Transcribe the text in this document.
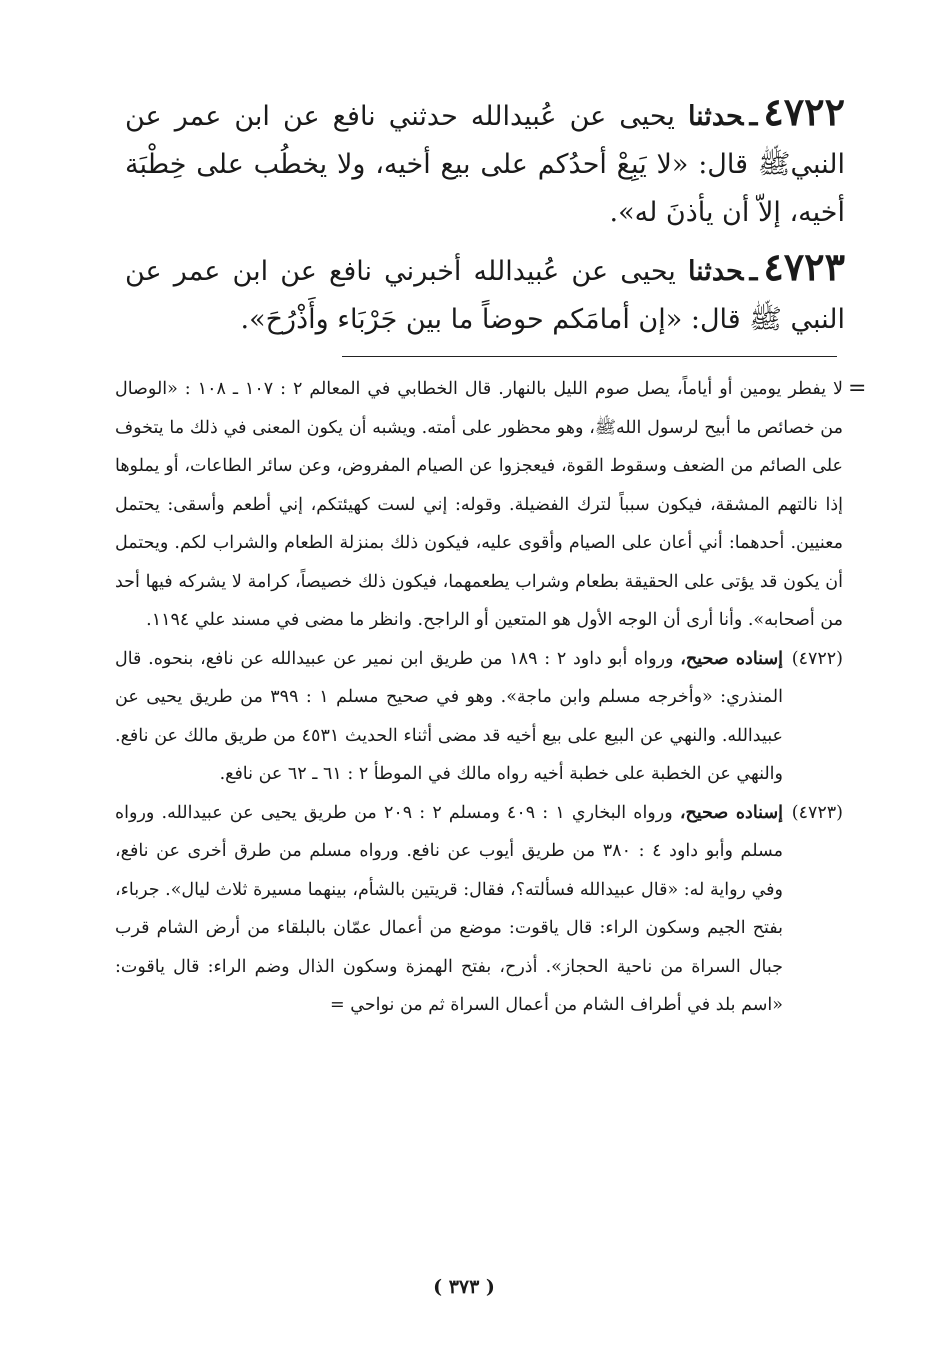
٤٧٢٢ـحدثنا يحيى عن عُبيدالله حدثني نافع عن ابن عمر عن النبيﷺ قال: «لا يَبِعْ أحدُكم على بيع أخيه، ولا يخطُب على خِطْبَة أخيه، إلاّ أن يأذنَ له».

٤٧٢٣ـحدثنا يحيى عن عُبيدالله أخبرني نافع عن ابن عمر عن النبي ﷺ قال: «إن أمامَكم حوضاً ما بين جَرْبَاء وأَذْرُحَ».

=

لا يفطر يومين أو أياماً، يصل صوم الليل بالنهار. قال الخطابي في المعالم ٢ : ١٠٧ ـ ١٠٨ : «الوصال من خصائص ما أبيح لرسول اللهﷺ، وهو محظور على أمته. ويشبه أن يكون المعنى في ذلك ما يتخوف على الصائم من الضعف وسقوط القوة، فيعجزوا عن الصيام المفروض، وعن سائر الطاعات، أو يملوها إذا نالتهم المشقة، فيكون سبباً لترك الفضيلة. وقوله: إني لست كهيئتكم، إني أطعم وأسقى: يحتمل معنيين. أحدهما: أني أعان على الصيام وأقوى عليه، فيكون ذلك بمنزلة الطعام والشراب لكم. ويحتمل أن يكون قد يؤتى على الحقيقة بطعام وشراب يطعمهما، فيكون ذلك خصيصاً، كرامة لا يشركه فيها أحد من أصحابه». وأنا أرى أن الوجه الأول هو المتعين أو الراجح. وانظر ما مضى في مسند علي ١١٩٤.

(٤٧٢٢)
إسناده صحيح، ورواه أبو داود ٢ : ١٨٩ من طريق ابن نمير عن عبيدالله عن نافع، بنحوه. قال المنذري: «وأخرجه مسلم وابن ماجة». وهو في صحيح مسلم ١ : ٣٩٩ من طريق يحيى عن عبيدالله. والنهي عن البيع على بيع أخيه قد مضى أثناء الحديث ٤٥٣١ من طريق مالك عن نافع. والنهي عن الخطبة على خطبة أخيه رواه مالك في الموطأ ٢ : ٦١ ـ ٦٢ عن نافع.
(٤٧٢٣)
إسناده صحيح، ورواه البخاري ١ : ٤٠٩ ومسلم ٢ : ٢٠٩ من طريق يحيى عن عبيدالله. ورواه مسلم وأبو داود ٤ : ٣٨٠ من طريق أيوب عن نافع. ورواه مسلم من طرق أخرى عن نافع، وفي رواية له: «قال عبيدالله فسألته؟، فقال: قريتين بالشأم، بينهما مسيرة ثلاث ليال». جرباء، بفتح الجيم وسكون الراء: قال ياقوت: موضع من أعمال عمّان بالبلقاء من أرض الشام قرب جبال السراة من ناحية الحجاز». أذرح، بفتح الهمزة وسكون الذال وضم الراء: قال ياقوت: «اسم بلد في أطراف الشام من أعمال السراة ثم من نواحي =
( ٣٧٣ )
